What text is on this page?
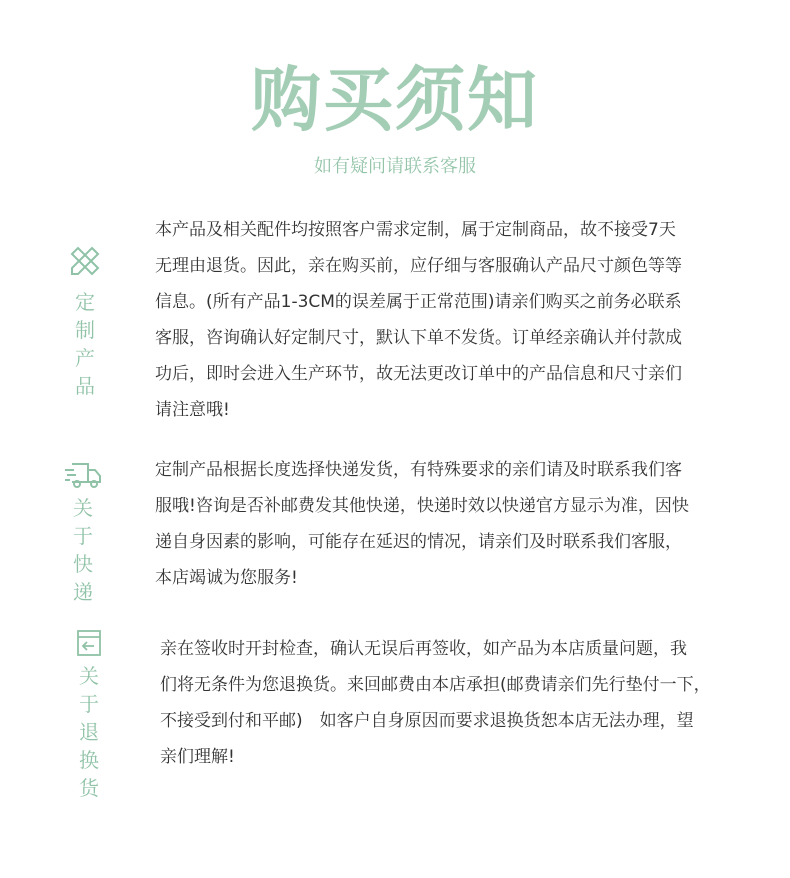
购买须知
如有疑问请联系客服
定
制
产
品
本产品及相关配件均按照客户需求定制，属于定制商品，故不接受7天
无理由退货。因此，亲在购买前，应仔细与客服确认产品尺寸颜色等等
信息。(所有产品1-3CM的误差属于正常范围)请亲们购买之前务必联系
客服，咨询确认好定制尺寸，默认下单不发货。订单经亲确认并付款成
功后，即时会进入生产环节，故无法更改订单中的产品信息和尺寸亲们
请注意哦!
关
于
快
递
定制产品根据长度选择快递发货，有特殊要求的亲们请及时联系我们客
服哦!咨询是否补邮费发其他快递，快递时效以快递官方显示为准，因快
递自身因素的影响，可能存在延迟的情况，请亲们及时联系我们客服，
本店竭诚为您服务!
关
于
退
换
货
亲在签收时开封检查，确认无误后再签收，如产品为本店质量问题，我
们将无条件为您退换货。来回邮费由本店承担(邮费请亲们先行垫付一下，
不接受到付和平邮)　如客户自身原因而要求退换货恕本店无法办理，望
亲们理解!
